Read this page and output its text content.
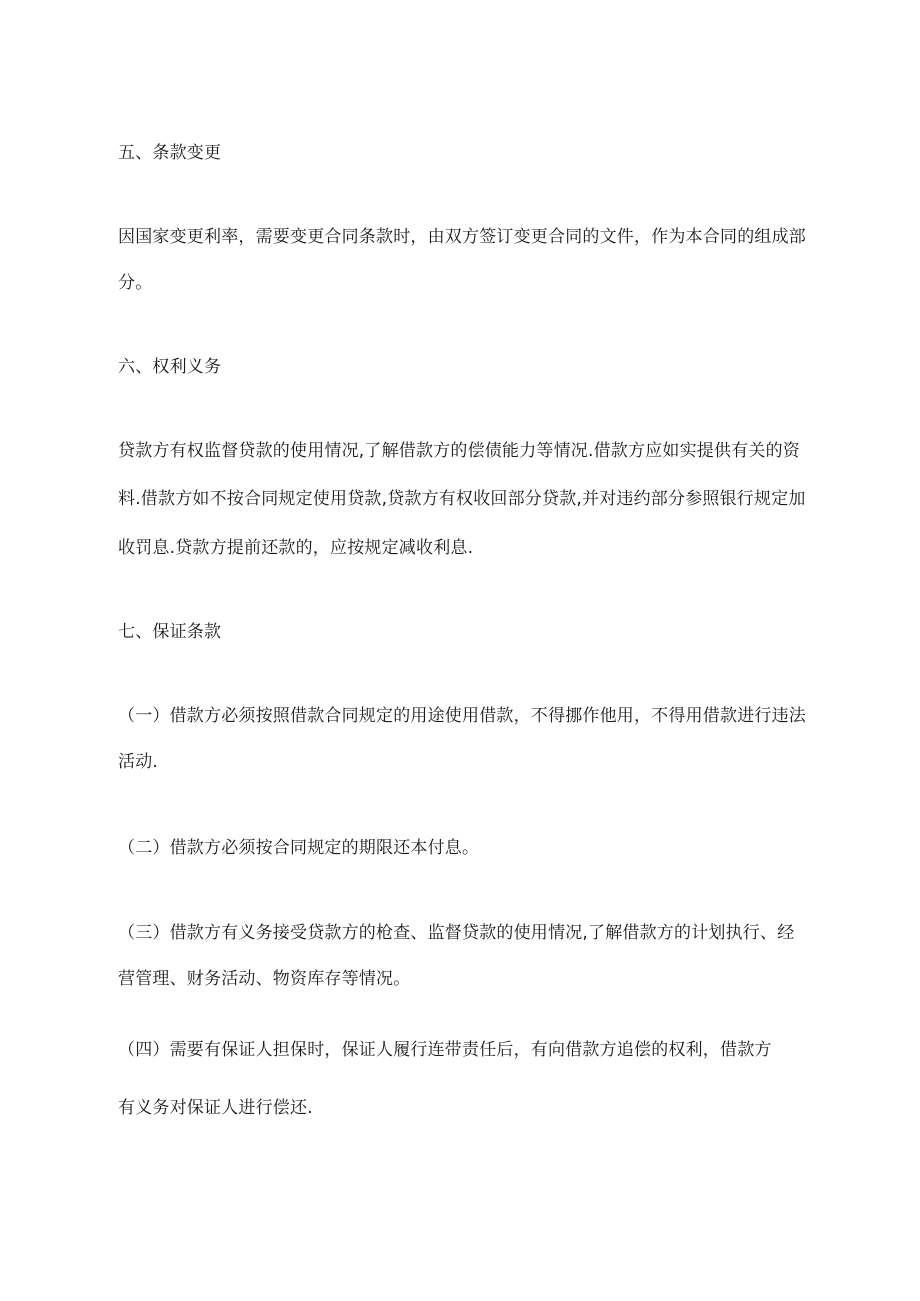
五、条款变更
因国家变更利率，需要变更合同条款时，由双方签订变更合同的文件，作为本合同的组成部
分。
六、权利义务
贷款方有权监督贷款的使用情况,了解借款方的偿债能力等情况.借款方应如实提供有关的资
料.借款方如不按合同规定使用贷款,贷款方有权收回部分贷款,并对违约部分参照银行规定加
收罚息.贷款方提前还款的，应按规定减收利息.
七、保证条款
（一）借款方必须按照借款合同规定的用途使用借款，不得挪作他用，不得用借款进行违法
活动.
（二）借款方必须按合同规定的期限还本付息。
（三）借款方有义务接受贷款方的枪查、监督贷款的使用情况,了解借款方的计划执行、经
营管理、财务活动、物资库存等情况。
（四）需要有保证人担保时，保证人履行连带责任后，有向借款方追偿的权利，借款方
有义务对保证人进行偿还.
